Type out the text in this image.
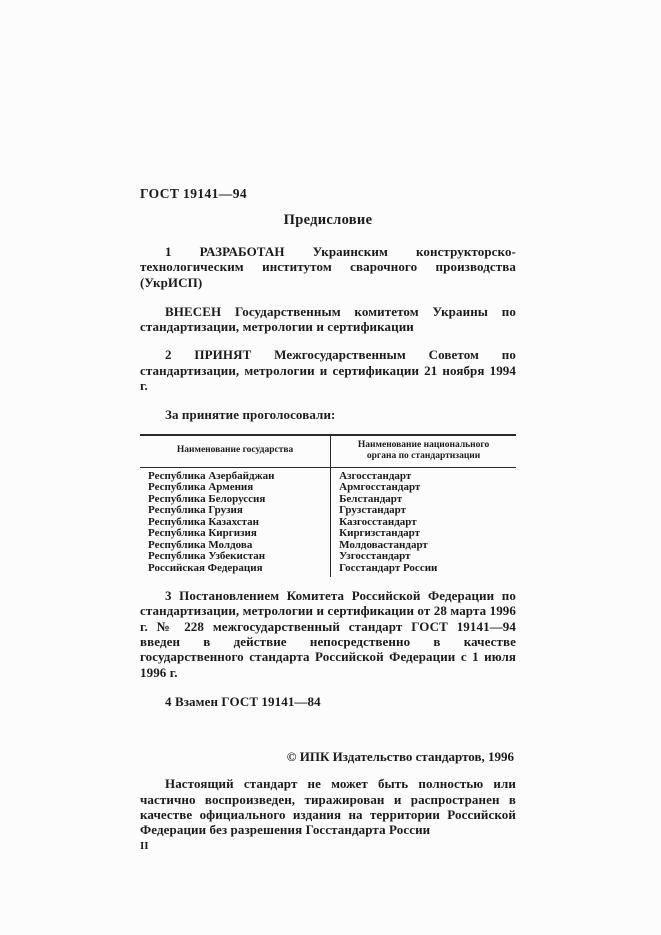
ГОСТ 19141—94
Предисловие
1 РАЗРАБОТАН Украинским конструкторско-технологическим институтом сварочного производства (УкрИСП)
ВНЕСЕН Государственным комитетом Украины по стандартизации, метрологии и сертификации
2 ПРИНЯТ Межгосударственным Советом по стандартизации, метрологии и сертификации 21 ноября 1994 г.
За принятие проголосовали:
Наименование государства	Наименование национального органа по стандартизации
Республика Азербайджан	Азгосстандарт
Республика Армения	Армгосстандарт
Республика Белоруссия	Белстандарт
Республика Грузия	Грузстандарт
Республика Казахстан	Казгосстандарт
Республика Киргизия	Киргизстандарт
Республика Молдова	Молдовастандарт
Республика Узбекистан	Узгосстандарт
Российская Федерация	Госстандарт России
3 Постановлением Комитета Российской Федерации по стандартизации, метрологии и сертификации от 28 марта 1996 г. № 228 межгосударственный стандарт ГОСТ 19141—94 введен в действие непосредственно в качестве государственного стандарта Российской Федерации с 1 июля 1996 г.
4 Взамен ГОСТ 19141—84
© ИПК Издательство стандартов, 1996
Настоящий стандарт не может быть полностью или частично воспроизведен, тиражирован и распространен в качестве официального издания на территории Российской Федерации без разрешения Госстандарта России
II
